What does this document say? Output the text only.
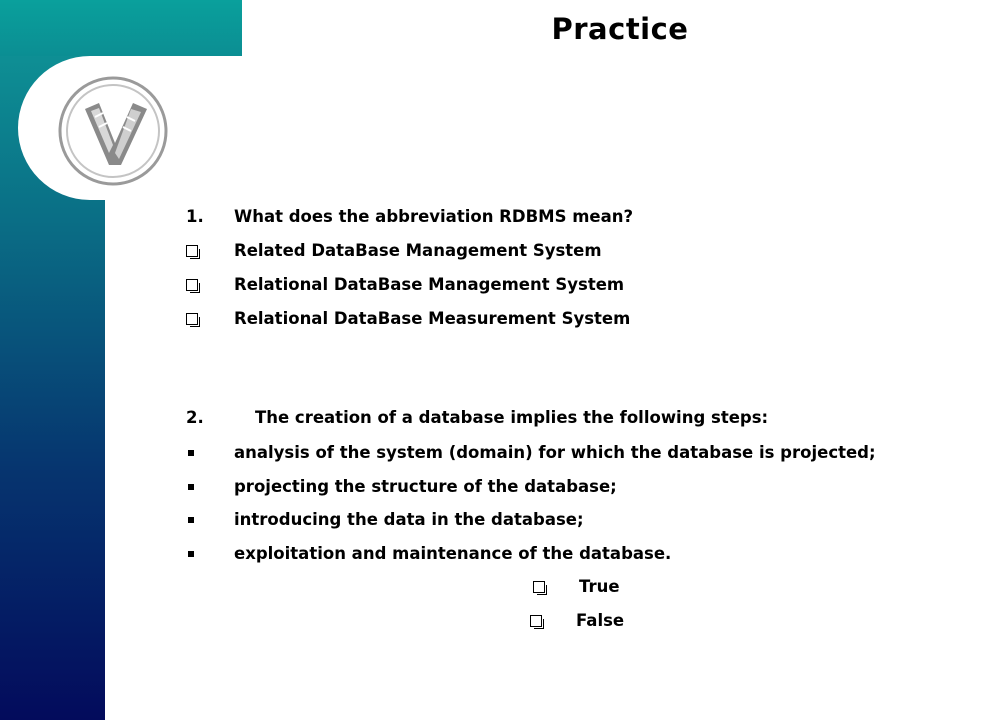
Practice
1. What does the abbreviation RDBMS mean?
Related DataBase Management System
Relational DataBase Management System
Relational DataBase Measurement System
2.	The creation of a database implies the following steps:
analysis of the system (domain) for which the database is projected;
projecting the structure of the database;
introducing the data in the database;
exploitation and maintenance of the database.
True
False
